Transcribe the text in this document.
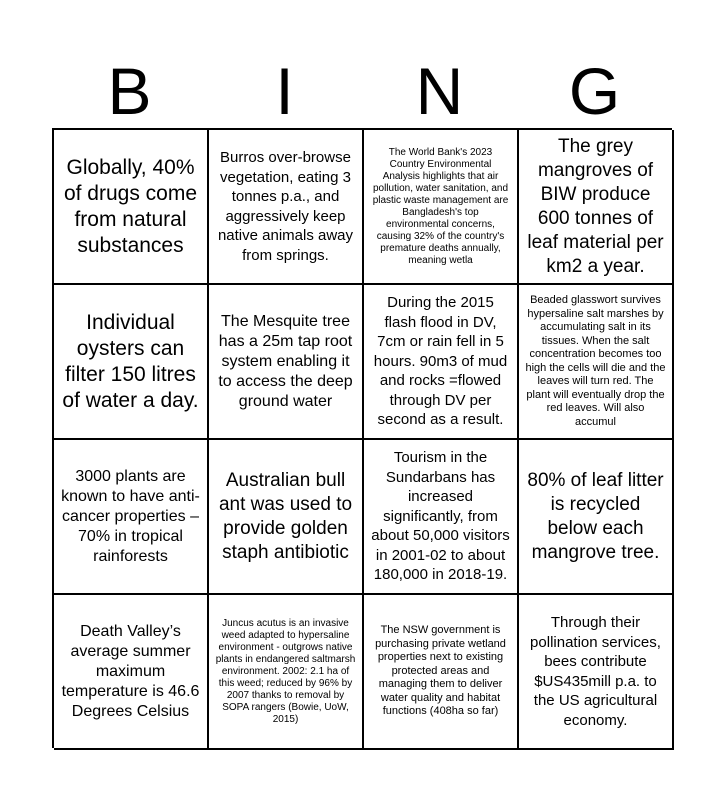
B	I	N	G
Globally, 40% of drugs come from natural substances
Burros over-browse vegetation, eating 3 tonnes p.a., and aggressively keep native animals away from springs.
The World Bank's 2023 Country Environmental Analysis highlights that air pollution, water sanitation, and plastic waste management are Bangladesh's top environmental concerns, causing 32% of the country's premature deaths annually, meaning wetla
The grey mangroves of BIW produce 600 tonnes of leaf material per km2 a year.
Individual oysters can filter 150 litres of water a day.
The Mesquite tree has a 25m tap root system enabling it to access the deep ground water
During the 2015 flash flood in DV, 7cm or rain fell in 5 hours. 90m3 of mud and rocks =flowed through DV per second as a result.
Beaded glasswort survives hypersaline salt marshes by accumulating salt in its tissues. When the salt concentration becomes too high the cells will die and the leaves will turn red. The plant will eventually drop the red leaves. Will also accumul
3000 plants are known to have anti-cancer properties – 70% in tropical rainforests
Australian bull ant was used to provide golden staph antibiotic
Tourism in the Sundarbans has increased significantly, from about 50,000 visitors in 2001-02 to about 180,000 in 2018-19.
80% of leaf litter is recycled below each mangrove tree.
Death Valley’s average summer maximum temperature is 46.6 Degrees Celsius
Juncus acutus is an invasive weed adapted to hypersaline environment - outgrows native plants in endangered saltmarsh environment. 2002: 2.1 ha of this weed; reduced by 96% by 2007 thanks to removal by SOPA rangers (Bowie, UoW, 2015)
The NSW government is purchasing private wetland properties next to existing protected areas and managing them to deliver water quality and habitat functions (408ha so far)
Through their pollination services, bees contribute $US435mill p.a. to the US agricultural economy.
